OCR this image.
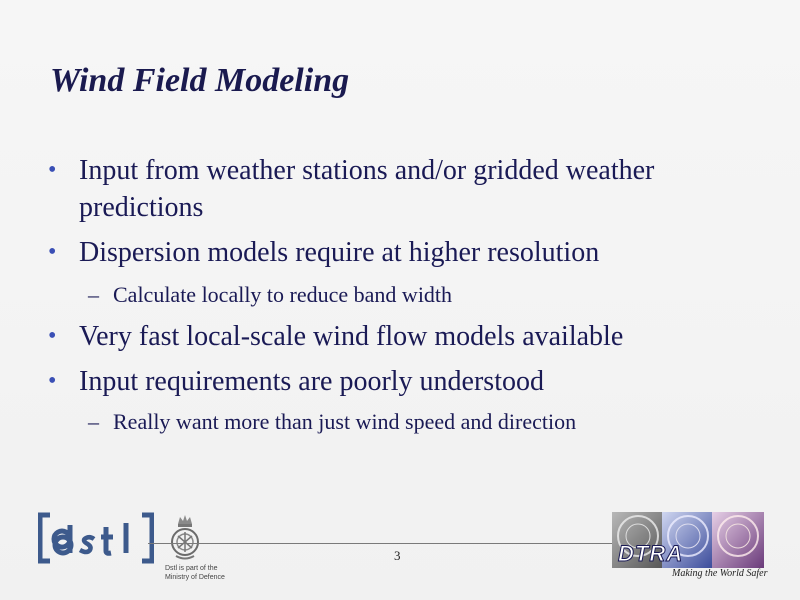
Wind Field Modeling
• Input from weather stations and/or gridded weather predictions
• Dispersion models require at higher resolution
– Calculate locally to reduce band width
• Very fast local-scale wind flow models available
• Input requirements are poorly understood
– Really want more than just wind speed and direction
Dstl is part of the
Ministry of Defence
3	DTRA
Making the World Safer
